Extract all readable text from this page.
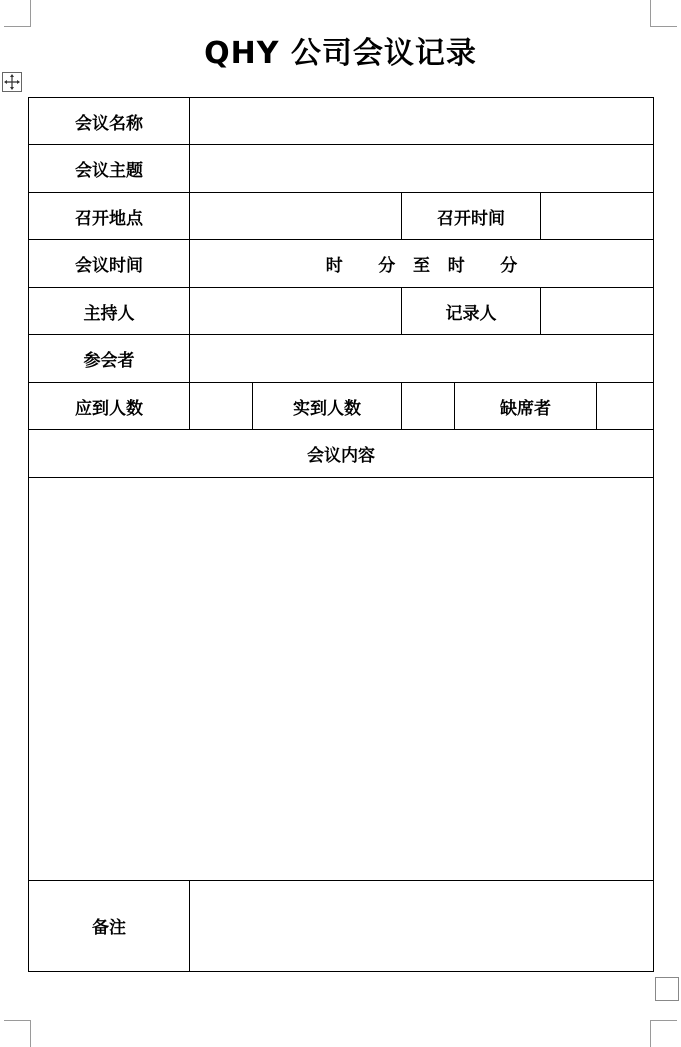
QHY 公司会议记录
会议名称						
会议主题						
召开地点			召开时间			
会议时间	时 分 至 时 分					
主持人			记录人			
参会者						
应到人数		实到人数		缺席者		
会议内容						

备注						
